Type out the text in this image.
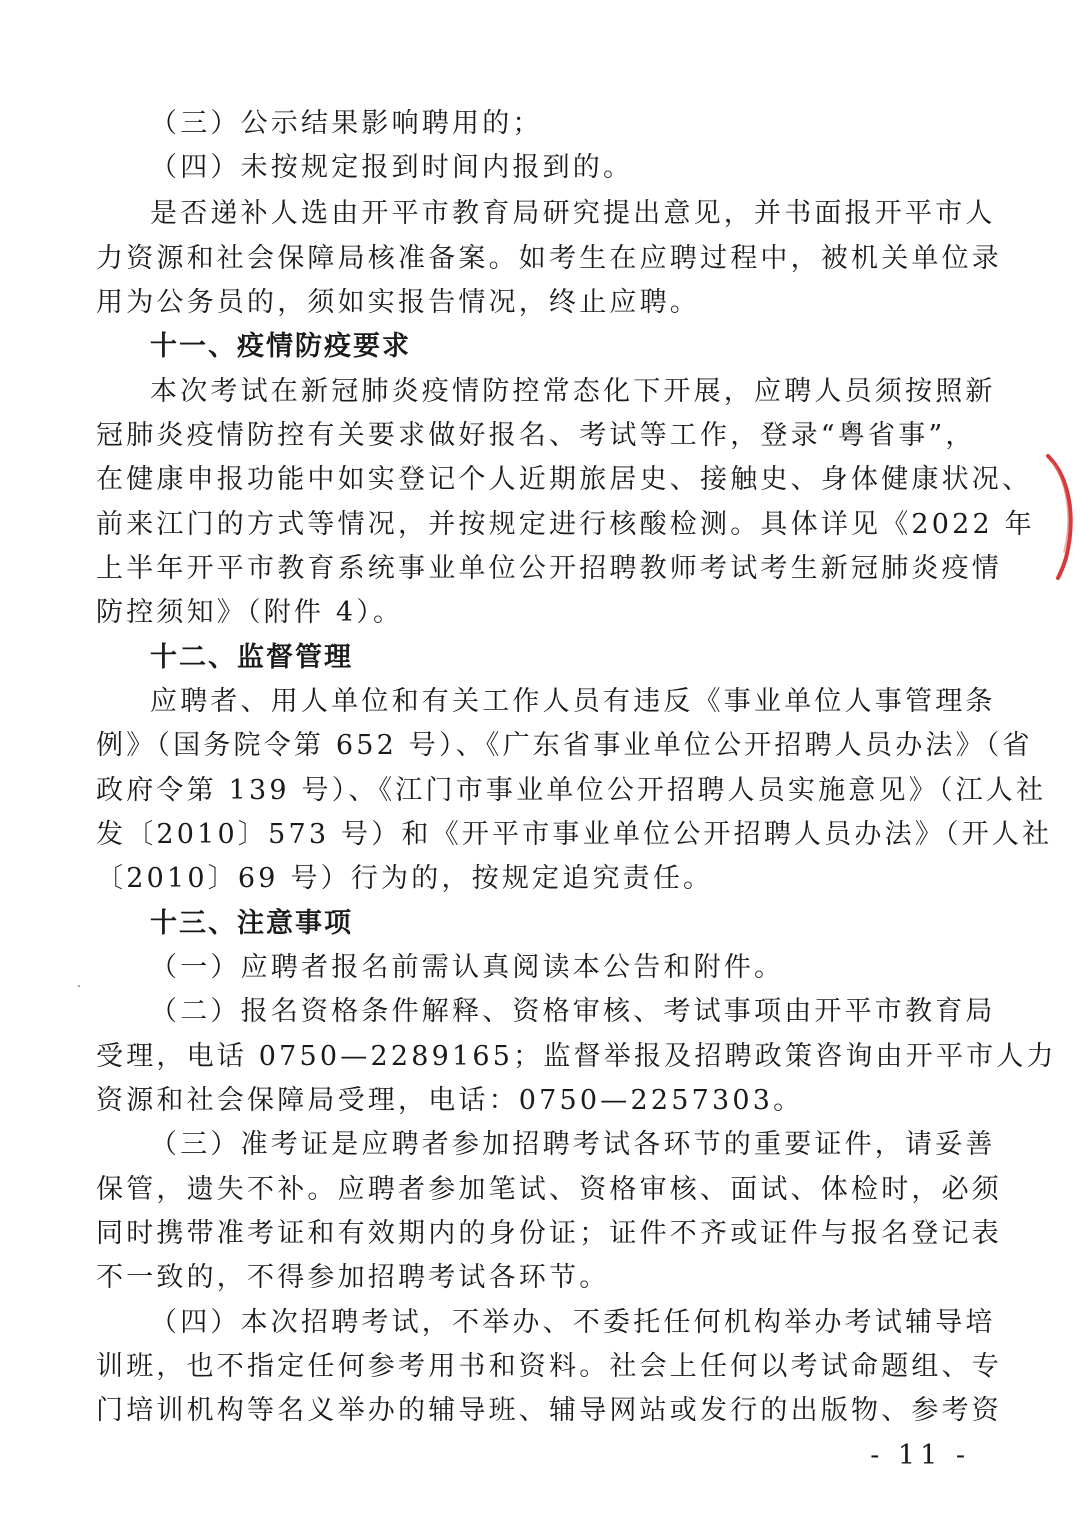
（三）公示结果影响聘用的；
（四）未按规定报到时间内报到的。
是否递补人选由开平市教育局研究提出意见，并书面报开平市人
力资源和社会保障局核准备案。如考生在应聘过程中，被机关单位录
用为公务员的，须如实报告情况，终止应聘。
十一、疫情防疫要求
本次考试在新冠肺炎疫情防控常态化下开展，应聘人员须按照新
冠肺炎疫情防控有关要求做好报名、考试等工作，登录“粤省事”，
在健康申报功能中如实登记个人近期旅居史、接触史、身体健康状况、
前来江门的方式等情况，并按规定进行核酸检测。具体详见《2022 年
上半年开平市教育系统事业单位公开招聘教师考试考生新冠肺炎疫情
防控须知》（附件 4）。
十二、监督管理
应聘者、用人单位和有关工作人员有违反《事业单位人事管理条
例》（国务院令第 652 号）、《广东省事业单位公开招聘人员办法》（省
政府令第 139 号）、《江门市事业单位公开招聘人员实施意见》（江人社
发〔2010〕573 号）和《开平市事业单位公开招聘人员办法》（开人社
〔2010〕69 号）行为的，按规定追究责任。
十三、注意事项
（一）应聘者报名前需认真阅读本公告和附件。
（二）报名资格条件解释、资格审核、考试事项由开平市教育局
受理，电话 0750—2289165；监督举报及招聘政策咨询由开平市人力
资源和社会保障局受理，电话：0750—2257303。
（三）准考证是应聘者参加招聘考试各环节的重要证件，请妥善
保管，遗失不补。应聘者参加笔试、资格审核、面试、体检时，必须
同时携带准考证和有效期内的身份证；证件不齐或证件与报名登记表
不一致的，不得参加招聘考试各环节。
（四）本次招聘考试，不举办、不委托任何机构举办考试辅导培
训班，也不指定任何参考用书和资料。社会上任何以考试命题组、专
门培训机构等名义举办的辅导班、辅导网站或发行的出版物、参考资
- 11 -
